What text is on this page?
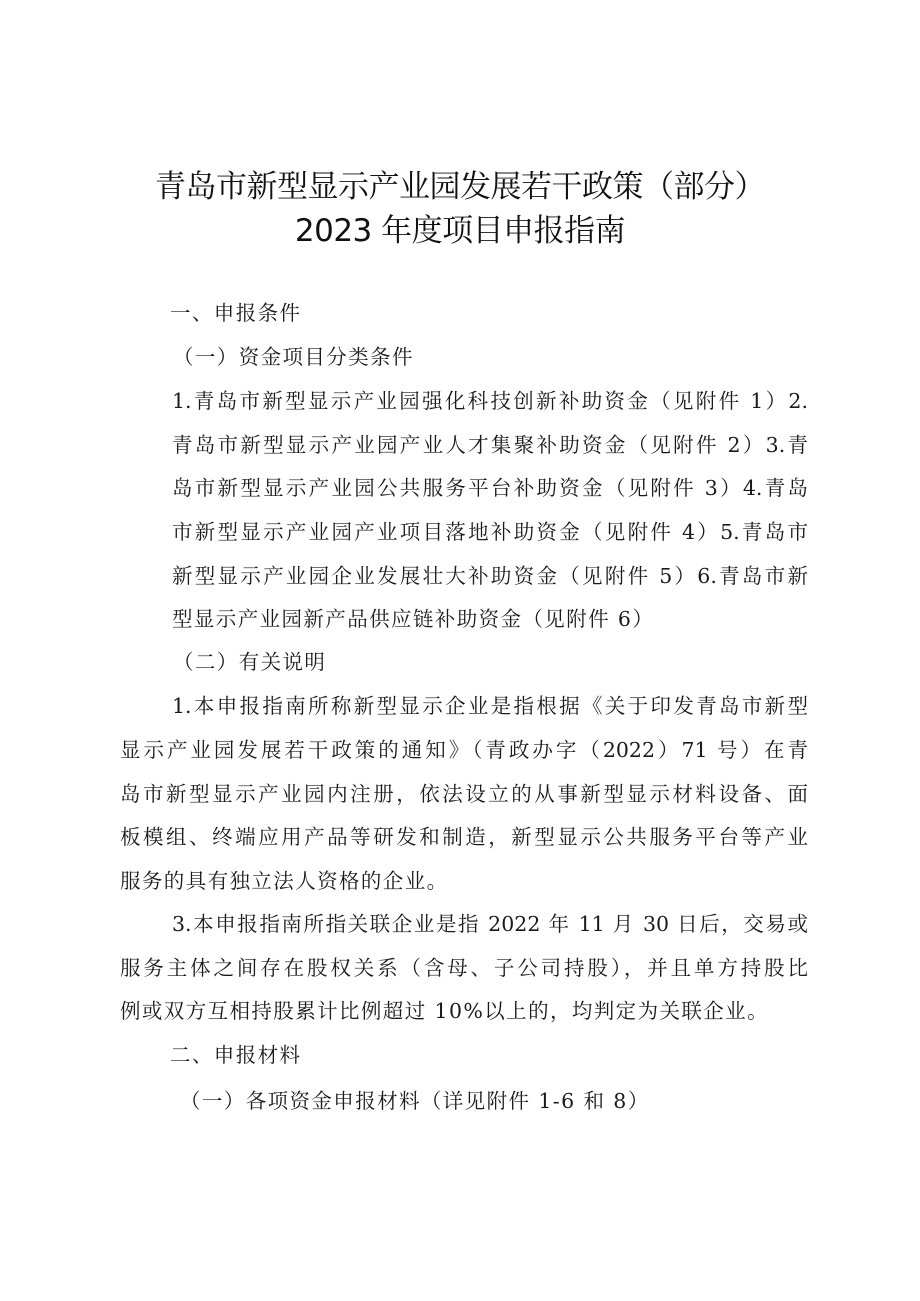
青岛市新型显示产业园发展若干政策（部分）
2023 年度项目申报指南
一、申报条件
（一）资金项目分类条件
1.青岛市新型显示产业园强化科技创新补助资金（见附件 1）2.
青岛市新型显示产业园产业人才集聚补助资金（见附件 2）3.青
岛市新型显示产业园公共服务平台补助资金（见附件 3）4.青岛
市新型显示产业园产业项目落地补助资金（见附件 4）5.青岛市
新型显示产业园企业发展壮大补助资金（见附件 5）6.青岛市新
型显示产业园新产品供应链补助资金（见附件 6）
（二）有关说明
1.本申报指南所称新型显示企业是指根据《关于印发青岛市新型
显示产业园发展若干政策的通知》（青政办字（2022）71 号）在青
岛市新型显示产业园内注册，依法设立的从事新型显示材料设备、面
板模组、终端应用产品等研发和制造，新型显示公共服务平台等产业
服务的具有独立法人资格的企业。
3.本申报指南所指关联企业是指 2022 年 11 月 30 日后，交易或
服务主体之间存在股权关系（含母、子公司持股），并且单方持股比
例或双方互相持股累计比例超过 10%以上的，均判定为关联企业。
二、申报材料
（一）各项资金申报材料（详见附件 1-6 和 8）
